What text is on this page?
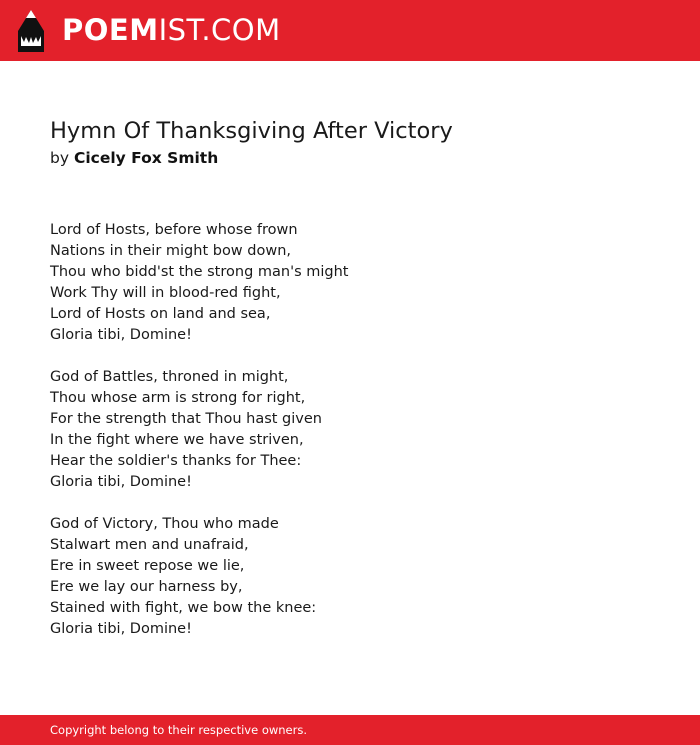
POEMIST.COM
Hymn Of Thanksgiving After Victory
by Cicely Fox Smith
Lord of Hosts, before whose frown
Nations in their might bow down,
Thou who bidd'st the strong man's might
Work Thy will in blood-red fight,
Lord of Hosts on land and sea,
Gloria tibi, Domine!
God of Battles, throned in might,
Thou whose arm is strong for right,
For the strength that Thou hast given
In the fight where we have striven,
Hear the soldier's thanks for Thee:
Gloria tibi, Domine!
God of Victory, Thou who made
Stalwart men and unafraid,
Ere in sweet repose we lie,
Ere we lay our harness by,
Stained with fight, we bow the knee:
Gloria tibi, Domine!
Copyright belong to their respective owners.
